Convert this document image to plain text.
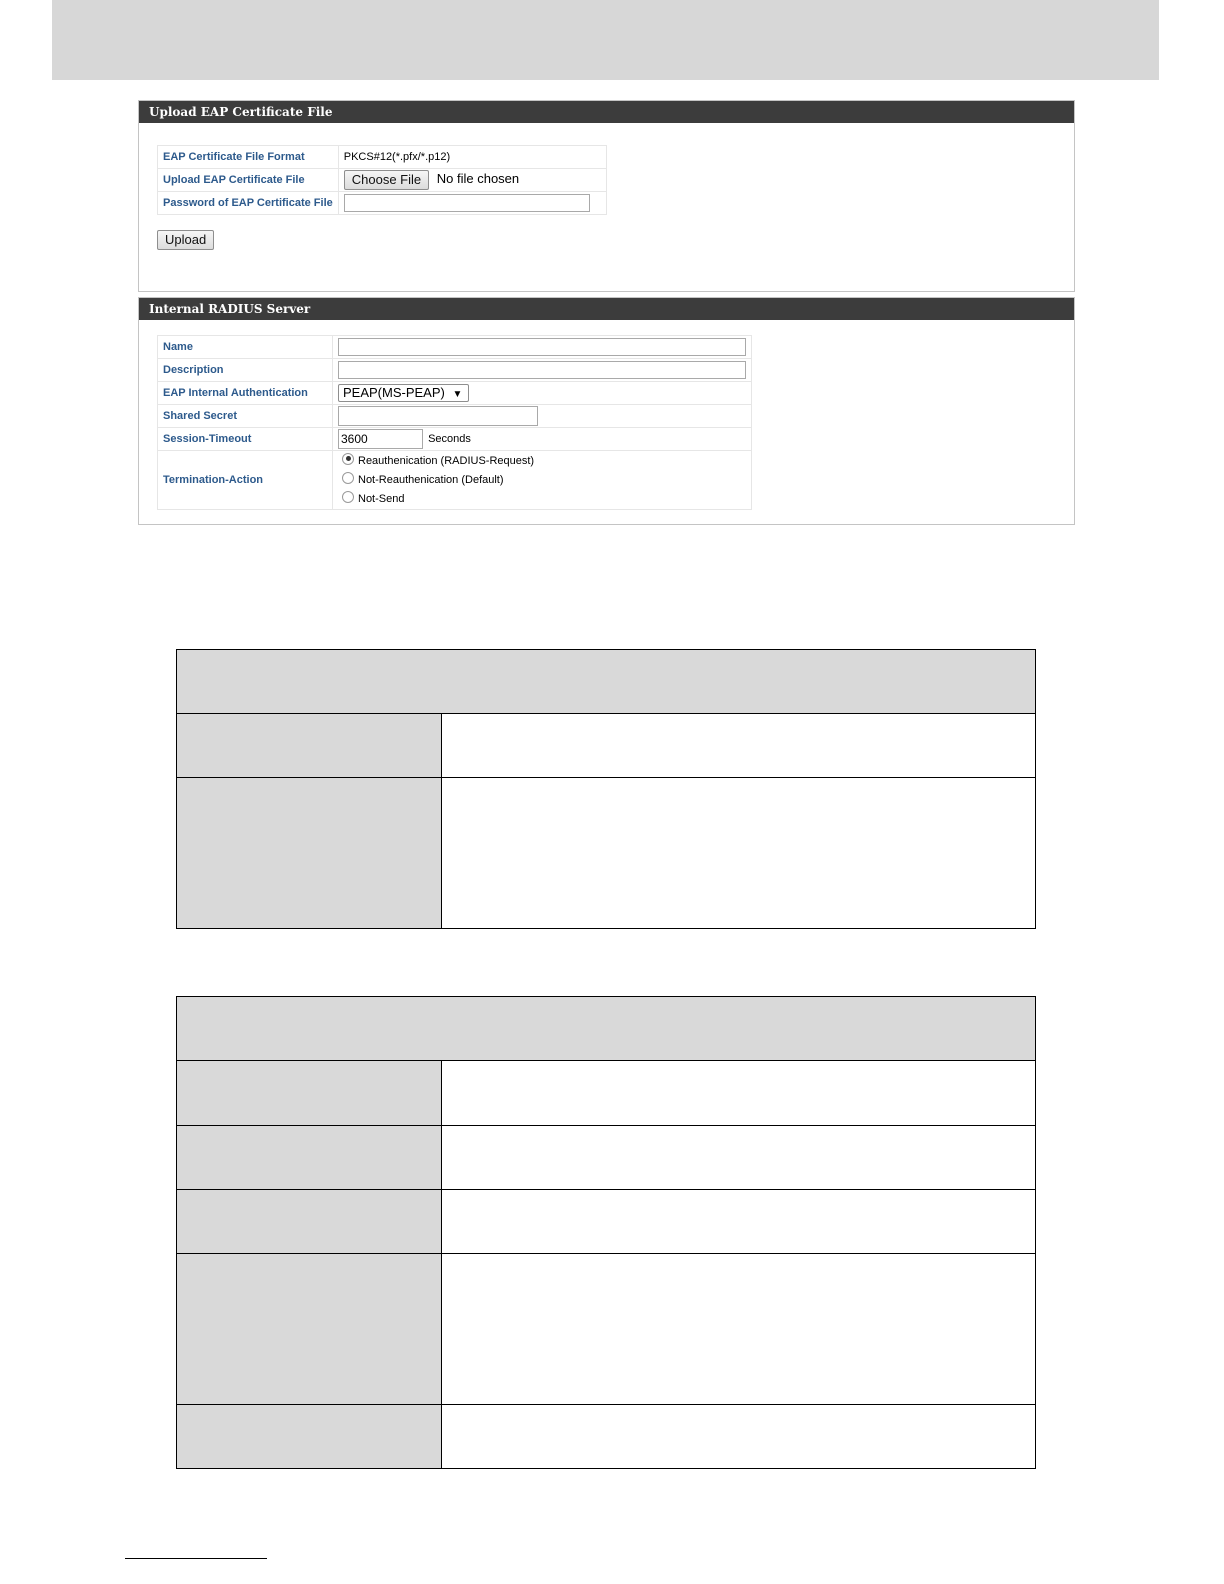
Upload EAP Certificate File
EAP Certificate File Format	PKCS#12(*.pfx/*.p12)
Upload EAP Certificate File	Choose File No file chosen
Password of EAP Certificate File	
Upload
Internal RADIUS Server
Name	
Description	
EAP Internal Authentication	PEAP(MS-PEAP) ▼
Shared Secret	
Session-Timeout	3600Seconds
Termination-Action	Reauthenication (RADIUS-Request)
Not-Reauthenication (Default)
Not-Send
